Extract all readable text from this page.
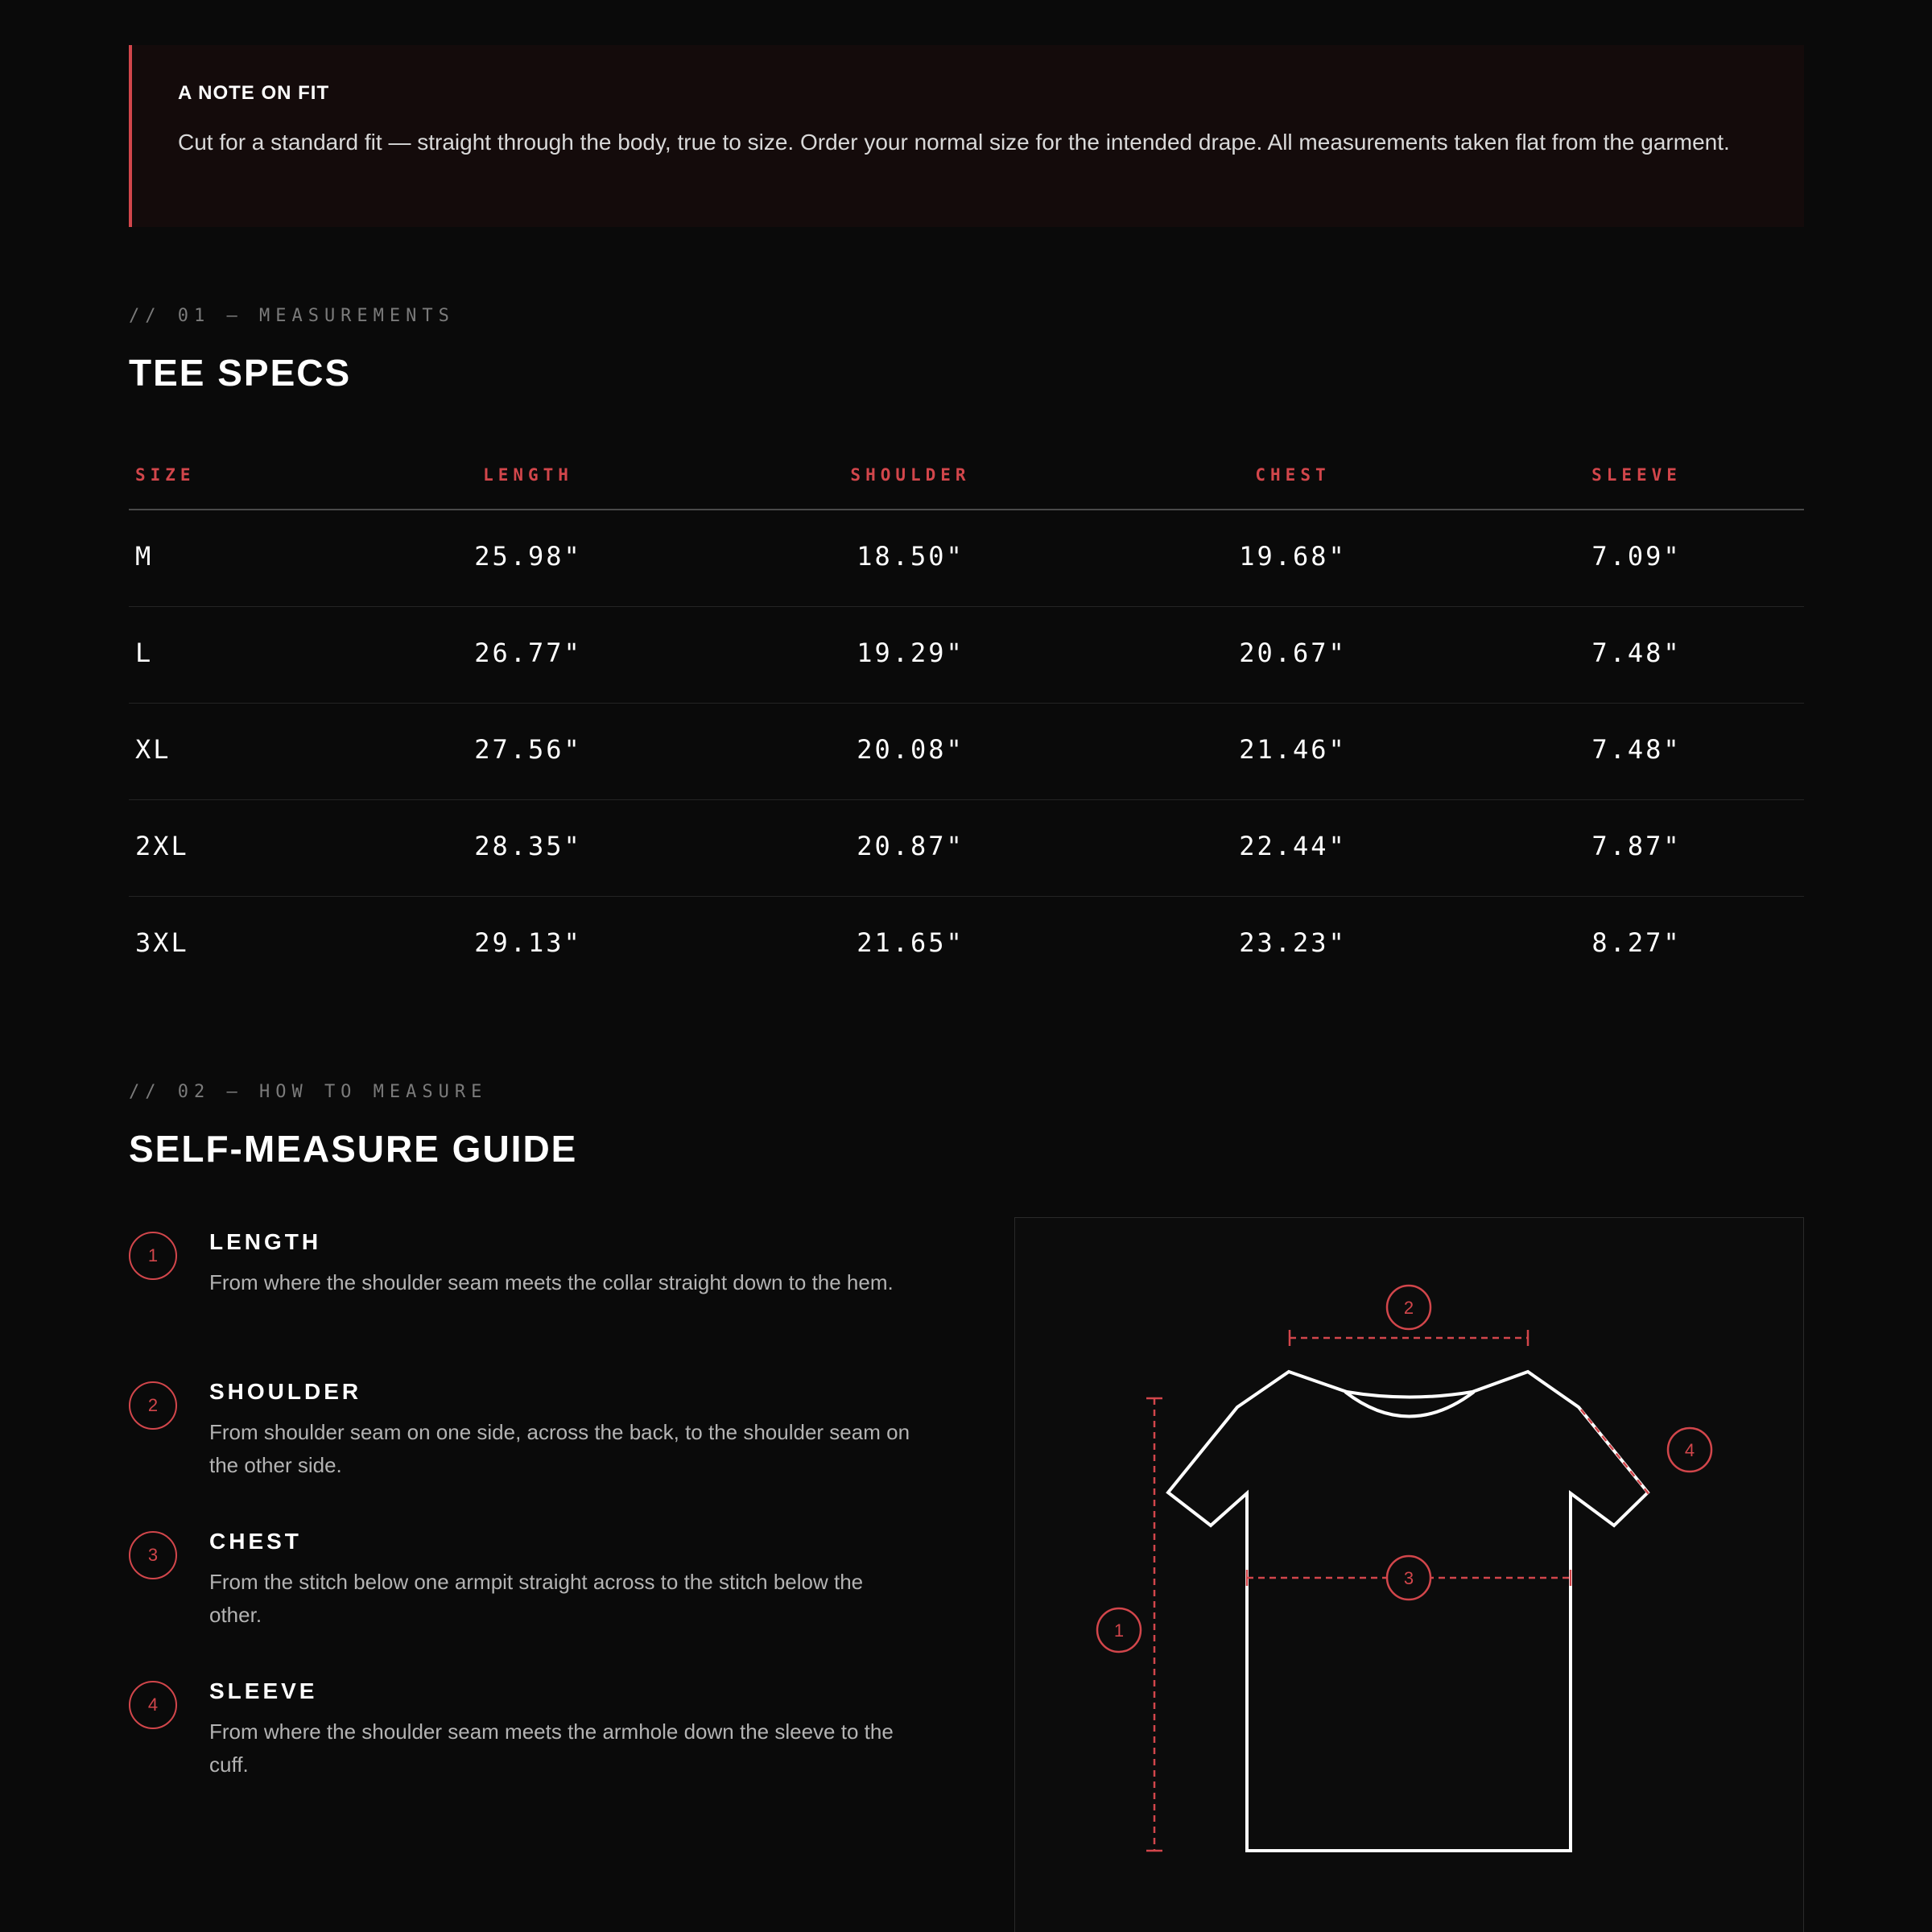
A NOTE ON FIT

Cut for a standard fit — straight through the body, true to size. Order your normal size for the intended drape. All measurements taken flat from the garment.

// 01 — MEASUREMENTS

TEE SPECS
SIZE	LENGTH	SHOULDER	CHEST	SLEEVE
M	25.98"	18.50"	19.68"	7.09"
L	26.77"	19.29"	20.67"	7.48"
XL	27.56"	20.08"	21.46"	7.48"
2XL	28.35"	20.87"	22.44"	7.87"
3XL	29.13"	21.65"	23.23"	8.27"

// 02 — HOW TO MEASURE

SELF-MEASURE GUIDE
1
LENGTH

From where the shoulder seam meets the collar straight down to the hem.

2
SHOULDER

From shoulder seam on one side, across the back, to the shoulder seam on the other side.

3
CHEST

From the stitch below one armpit straight across to the stitch below the other.

4
SLEEVE

From where the shoulder seam meets the armhole down the sleeve to the cuff.

1
2
3
4
